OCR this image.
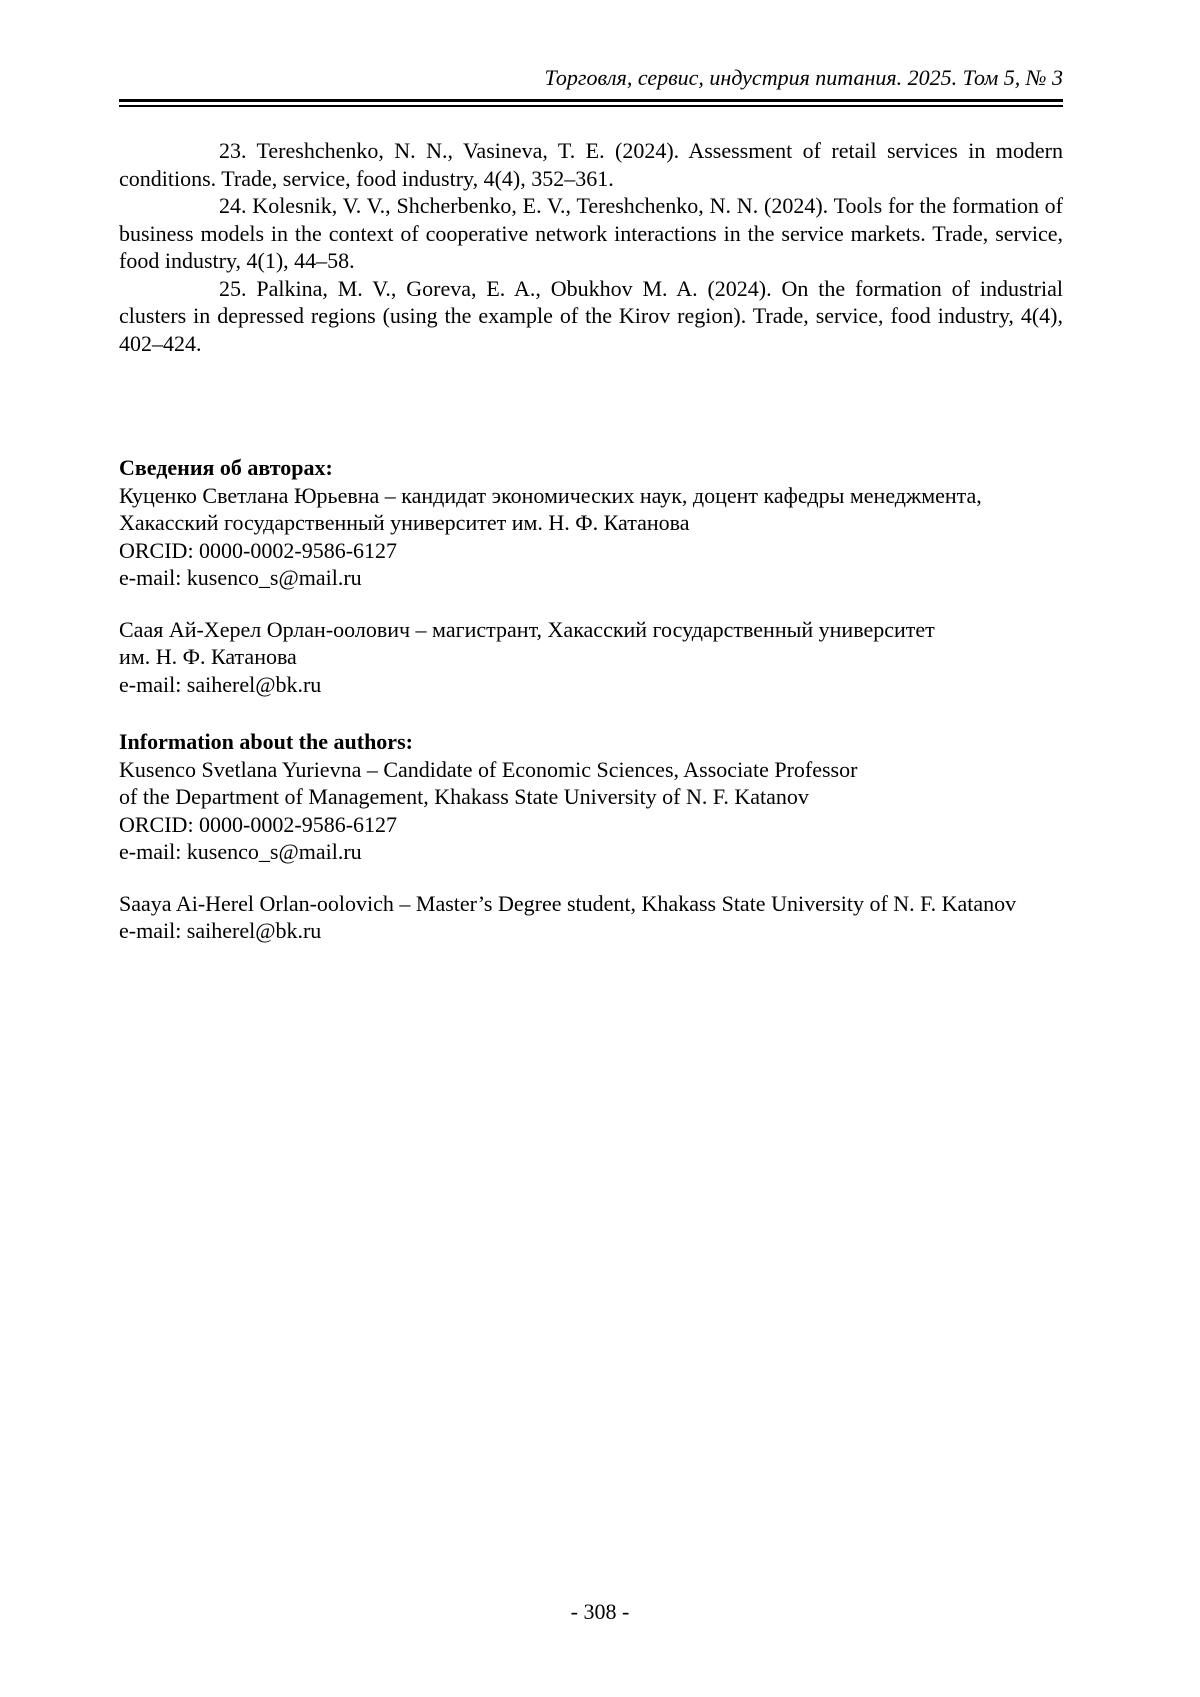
Торговля, сервис, индустрия питания. 2025. Том 5, № 3

23. Tereshchenko, N. N., Vasineva, T. E. (2024). Assessment of retail services in modern conditions. Trade, service, food industry, 4(4), 352–361.

24. Kolesnik, V. V., Shcherbenko, E. V., Tereshchenko, N. N. (2024). Tools for the formation of business models in the context of cooperative network interactions in the service markets. Trade, service, food industry, 4(1), 44–58.

25. Palkina, M. V., Goreva, E. A., Obukhov M. A. (2024). On the formation of industrial clusters in depressed regions (using the example of the Kirov region). Trade, service, food industry, 4(4), 402–424.

Сведения об авторах:
Куценко Светлана Юрьевна – кандидат экономических наук, доцент кафедры менеджмента,
Хакасский государственный университет им. Н. Ф. Катанова
ORCID: 0000-0002-9586-6127
e-mail: kusenco_s@mail.ru
Саая Ай-Херел Орлан-оолович – магистрант, Хакасский государственный университет
им. Н. Ф. Катанова
e-mail: saiherel@bk.ru
Information about the authors:
Kusenco Svetlana Yurievna – Candidate of Economic Sciences, Associate Professor
of the Department of Management, Khakass State University of N. F. Katanov
ORCID: 0000-0002-9586-6127
e-mail: kusenco_s@mail.ru
Saaya Ai-Herel Orlan-oolovich – Master’s Degree student, Khakass State University of N. F. Katanov
e-mail: saiherel@bk.ru
- 308 -
